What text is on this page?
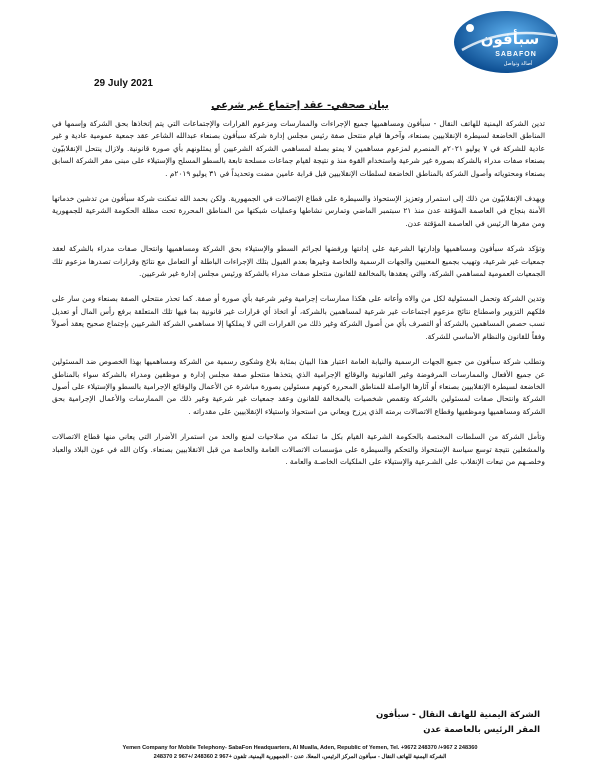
سبأفون
SABAFON
أصالة وتواصل
29 July 2021
بيان صحفي- عقد إجتماع غير شرعي

تدين الشركة اليمنية للهاتف النقال - سبأفون ومساهميها جميع الإجراءات والممارسات ومزعوم القرارات والإجتماعات التي يتم إتخاذها بحق الشركة وإسمها في المناطق الخاضعة لسيطرة الإنقلابيين بصنعاء، وآخرها قيام منتحل صفة رئيس مجلس إدارة شركة سبأفون بصنعاء عبدالله الشاعر عقد جمعية عمومية عادية و غير عادية للشركة في ٧ يوليو ٢٠٢١م المنصرم لمزعوم مساهمين لا يمتو بصلة لمساهمي الشركة الشرعيين أو يمثلونهم بأي صورة قانونية. ولازال ينتحل الإنقلابيّون بصنعاء صفات مدراء بالشركة بصورة غير شرعية واستخدام القوة منذ و نتيجة لقيام جماعات مسلحة تابعة بالسطو المسلح والإستيلاء على مبنى مقر الشركة السابق بصنعاء ومحتوياته وأصول الشركة بالمناطق الخاضعة لسلطات الإنقلابيين قبل قرابة عامين مضت وتحديداً في ٣١ يوليو ٢٠١٩م .

ويهدف الإنقلابيّون من ذلك إلى استمرار وتعزيز الإستحواذ والسيطرة على قطاع الإتصالات في الجمهورية. ولكن بحمد الله تمكنت شركة سبأفون من تدشين خدماتها الأمنة بنجاح في العاصمة المؤقتة عدن منذ ٢١ سبتمبر الماضي وتمارس نشاطها وعمليات شبكتها من المناطق المحررة تحت مظلة الحكومة الشرعية للجمهورية ومن مقرها الرئيس في العاصمة المؤقتة عدن.

وتؤكد شركة سبأفون ومساهميها وإدارتها الشرعية على إدانتها ورفضها لجرائم السطو والإستيلاء بحق الشركة ومساهميها وانتحال صفات مدراء بالشركة لعقد جمعيات غير شرعية، وتهيب بجميع المعنيين والجهات الرسمية والخاصة وغيرها بعدم القبول بتلك الإجراءات الباطلة أو التعامل مع نتائج وقرارات تصدرها مزعوم تلك الجمعيات العمومية لمساهمي الشركة، والتي يعقدها بالمخالفة للقانون منتحلو صفات مدراء بالشركة ورئيس مجلس إدارة غير شرعيين.

وتدين الشركة وتحمل المسئولية لكل من والاه وأعانه على هكذا ممارسات إجرامية وغير شرعية بأي صورة أو صفة. كما تحذر منتحلي الصفة بصنعاء ومن سار على فلكهم التزوير واصطناع نتائج مزعوم اجتماعات غير شرعية لمساهمين بالشركة، أو اتخاذ أي قرارات غير قانونية بما فيها تلك المتعلقة برفع رأس المال أو تعديل نسب حصص المساهمين بالشركة أو التصرف بأي من أصول الشركة وغير ذلك من القرارات التي لا يملكها إلا مساهمي الشركة الشرعيين بإجتماع صحيح يعقد أصولاً وفقاً للقانون والنظام الأساسي للشركة.

وتطلب شركة سبأفون من جميع الجهات الرسمية والنيابة العامة اعتبار هذا البيان بمثابة بلاغ وشكوى رسمية من الشركة ومساهميها بهذا الخصوص ضد المسئولين عن جميع الأفعال والممارسات المرفوضة وغير القانونية والوقائع الإجرامية الذي يتخذها منتحلو صفة مجلس إدارة و موظفين ومدراء بالشركة سواء بالمناطق الخاضعة لسيطرة الإنقلابيين بصنعاء أو آثارها الواصلة للمناطق المحررة كونهم مسئولين بصورة مباشرة عن الأعمال والوقائع الإجرامية بالسطو والإستيلاء على أصول الشركة وانتحال صفات لمسئولين بالشركة وتقمص شخصيات بالمخالفة للقانون وعقد جمعيات غير شرعية وغير ذلك من الممارسات والأعمال الإجرامية بحق الشركة ومساهميها وموظفيها وقطاع الاتصالات برمته الذي يرزح ويعاني من استحواذ واستيلاء الإنقلابيين على مقدراته .

وتأمل الشركة من السلطات المختصة بالحكومة الشرعية القيام بكل ما تملكه من صلاحيات لمنع والحد من استمرار الأضرار التي يعاني منها قطاع الاتصالات والمشغلين نتيجة توسع سياسة الإستحواذ والتحكم والسيطرة على مؤسسات الاتصالات العامة والخاصة من قبل الانقلابيين بصنعاء. وكان الله في عون البلاد والعباد وخلصـهم من تبعات الإنقلاب على الشـرعية والإستيلاء على الملكيات الخاصـة والعامة .

الشركة اليمنية للهاتف النقال - سبأفون
المقر الرئيس بالعاصمة عدن
Yemen Company for Mobile Telephony- SabaFon Headquarters, Al Mualla, Aden, Republic of Yemen, Tel. +9672 248370 /+967 2 248360
الشركة اليمنية للهاتف النقال - سبأفون المركز الرئيس، المعلا، عدن - الجمهورية اليمنية، تلفون +967 2 248360 /+967 2 248370
